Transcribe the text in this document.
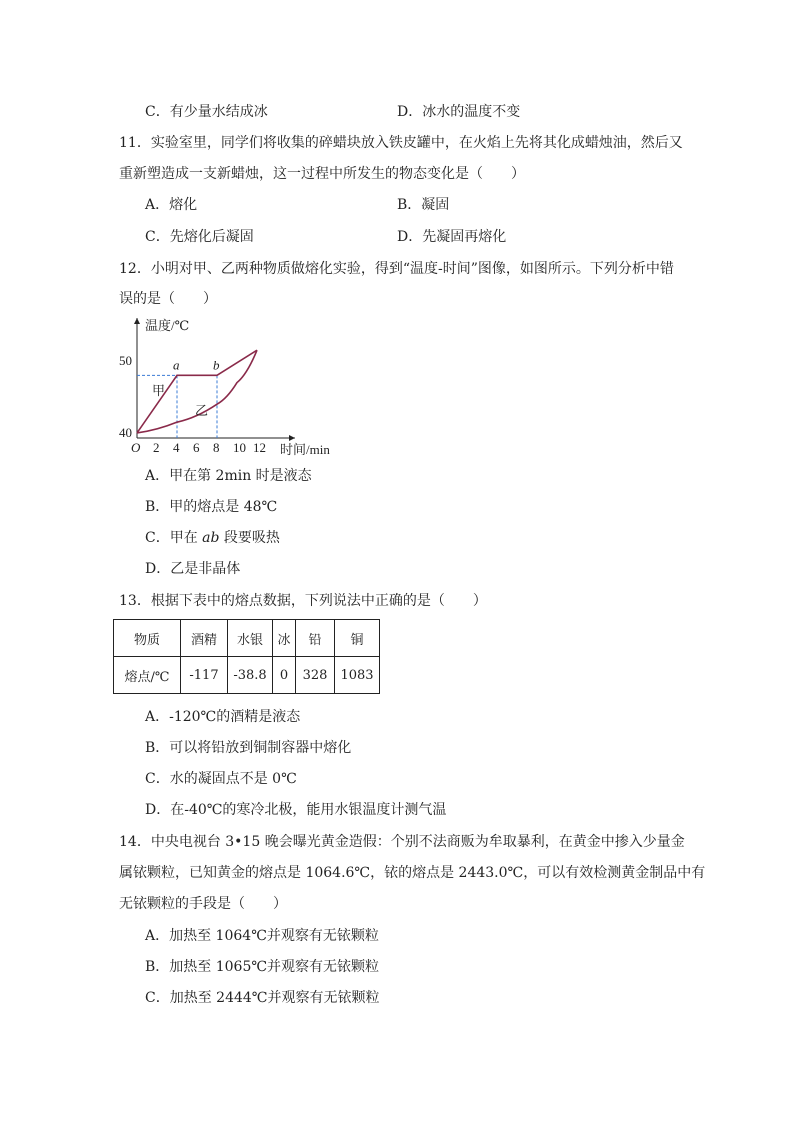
C．有少量水结成冰	D．冰水的温度不变
11．实验室里，同学们将收集的碎蜡块放入铁皮罐中，在火焰上先将其化成蜡烛油，然后又
重新塑造成一支新蜡烛，这一过程中所发生的物态变化是（　　）
A．熔化	B．凝固
C．先熔化后凝固	D．先凝固再熔化
12．小明对甲、乙两种物质做熔化实验，得到“温度-时间”图像，如图所示。下列分析中错
误的是（　　）
温度/℃
时间/min
O 2 4 6 8 10 12
40
50	a	b
甲
乙
A．甲在第 2min 时是液态
B．甲的熔点是 48℃
C．甲在 ab 段要吸热
D．乙是非晶体
13．根据下表中的熔点数据，下列说法中正确的是（　　）
物质	酒精	水银	冰	铅	铜
熔点/℃	-117	-38.8	0	328	1083
A．-120℃的酒精是液态
B．可以将铅放到铜制容器中熔化
C．水的凝固点不是 0℃
D．在-40℃的寒冷北极，能用水银温度计测气温
14．中央电视台 3•15 晚会曝光黄金造假：个别不法商贩为牟取暴利，在黄金中掺入少量金
属铱颗粒，已知黄金的熔点是 1064.6℃，铱的熔点是 2443.0℃，可以有效检测黄金制品中有
无铱颗粒的手段是（　　）
A．加热至 1064℃并观察有无铱颗粒
B．加热至 1065℃并观察有无铱颗粒
C．加热至 2444℃并观察有无铱颗粒
